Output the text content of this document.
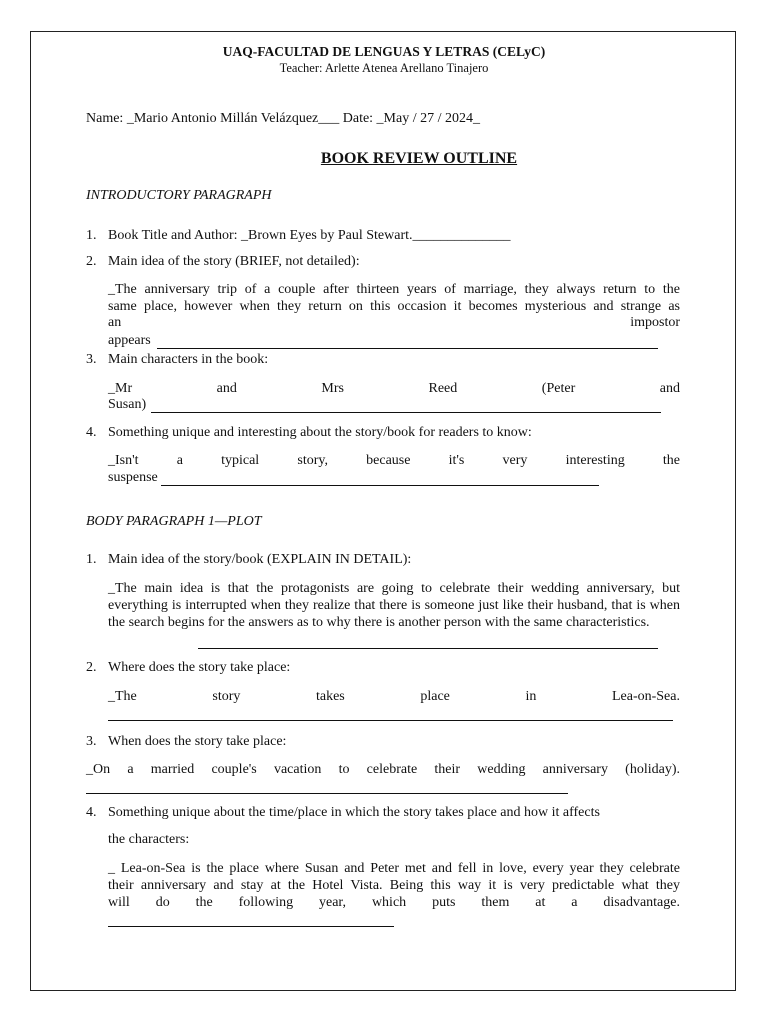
UAQ-FACULTAD DE LENGUAS Y LETRAS (CELyC)
Teacher: Arlette Atenea Arellano Tinajero
Name: _Mario Antonio Millán Velázquez___ Date: _May / 27 / 2024_
BOOK REVIEW OUTLINE
INTRODUCTORY PARAGRAPH
1. Book Title and Author: _Brown Eyes by Paul Stewart.______________
2. Main idea of the story (BRIEF, not detailed):
_The anniversary trip of a couple after thirteen years of marriage, they always return to the
same place, however when they return on this occasion it becomes mysterious and strange as
an	impostor
appears
3. Main characters in the book:
_Mr and Mrs Reed (Peter and
Susan)
4. Something unique and interesting about the story/book for readers to know:
_Isn't a typical story, because it's very interesting the
suspense
BODY PARAGRAPH 1—PLOT
1. Main idea of the story/book (EXPLAIN IN DETAIL):
_The main idea is that the protagonists are going to celebrate their wedding anniversary, but everything is interrupted when they realize that there is someone just like their husband, that is when the search begins for the answers as to why there is another person with the same characteristics.
2. Where does the story take place:
_The story takes place in Lea-on-Sea.
3. When does the story take place:
_On a married couple's vacation to celebrate their wedding anniversary (holiday).
4. Something unique about the time/place in which the story takes place and how it affects
the characters:
_ Lea-on-Sea is the place where Susan and Peter met and fell in love, every year they celebrate
their anniversary and stay at the Hotel Vista. Being this way it is very predictable what they
will do the following year, which puts them at a disadvantage.
